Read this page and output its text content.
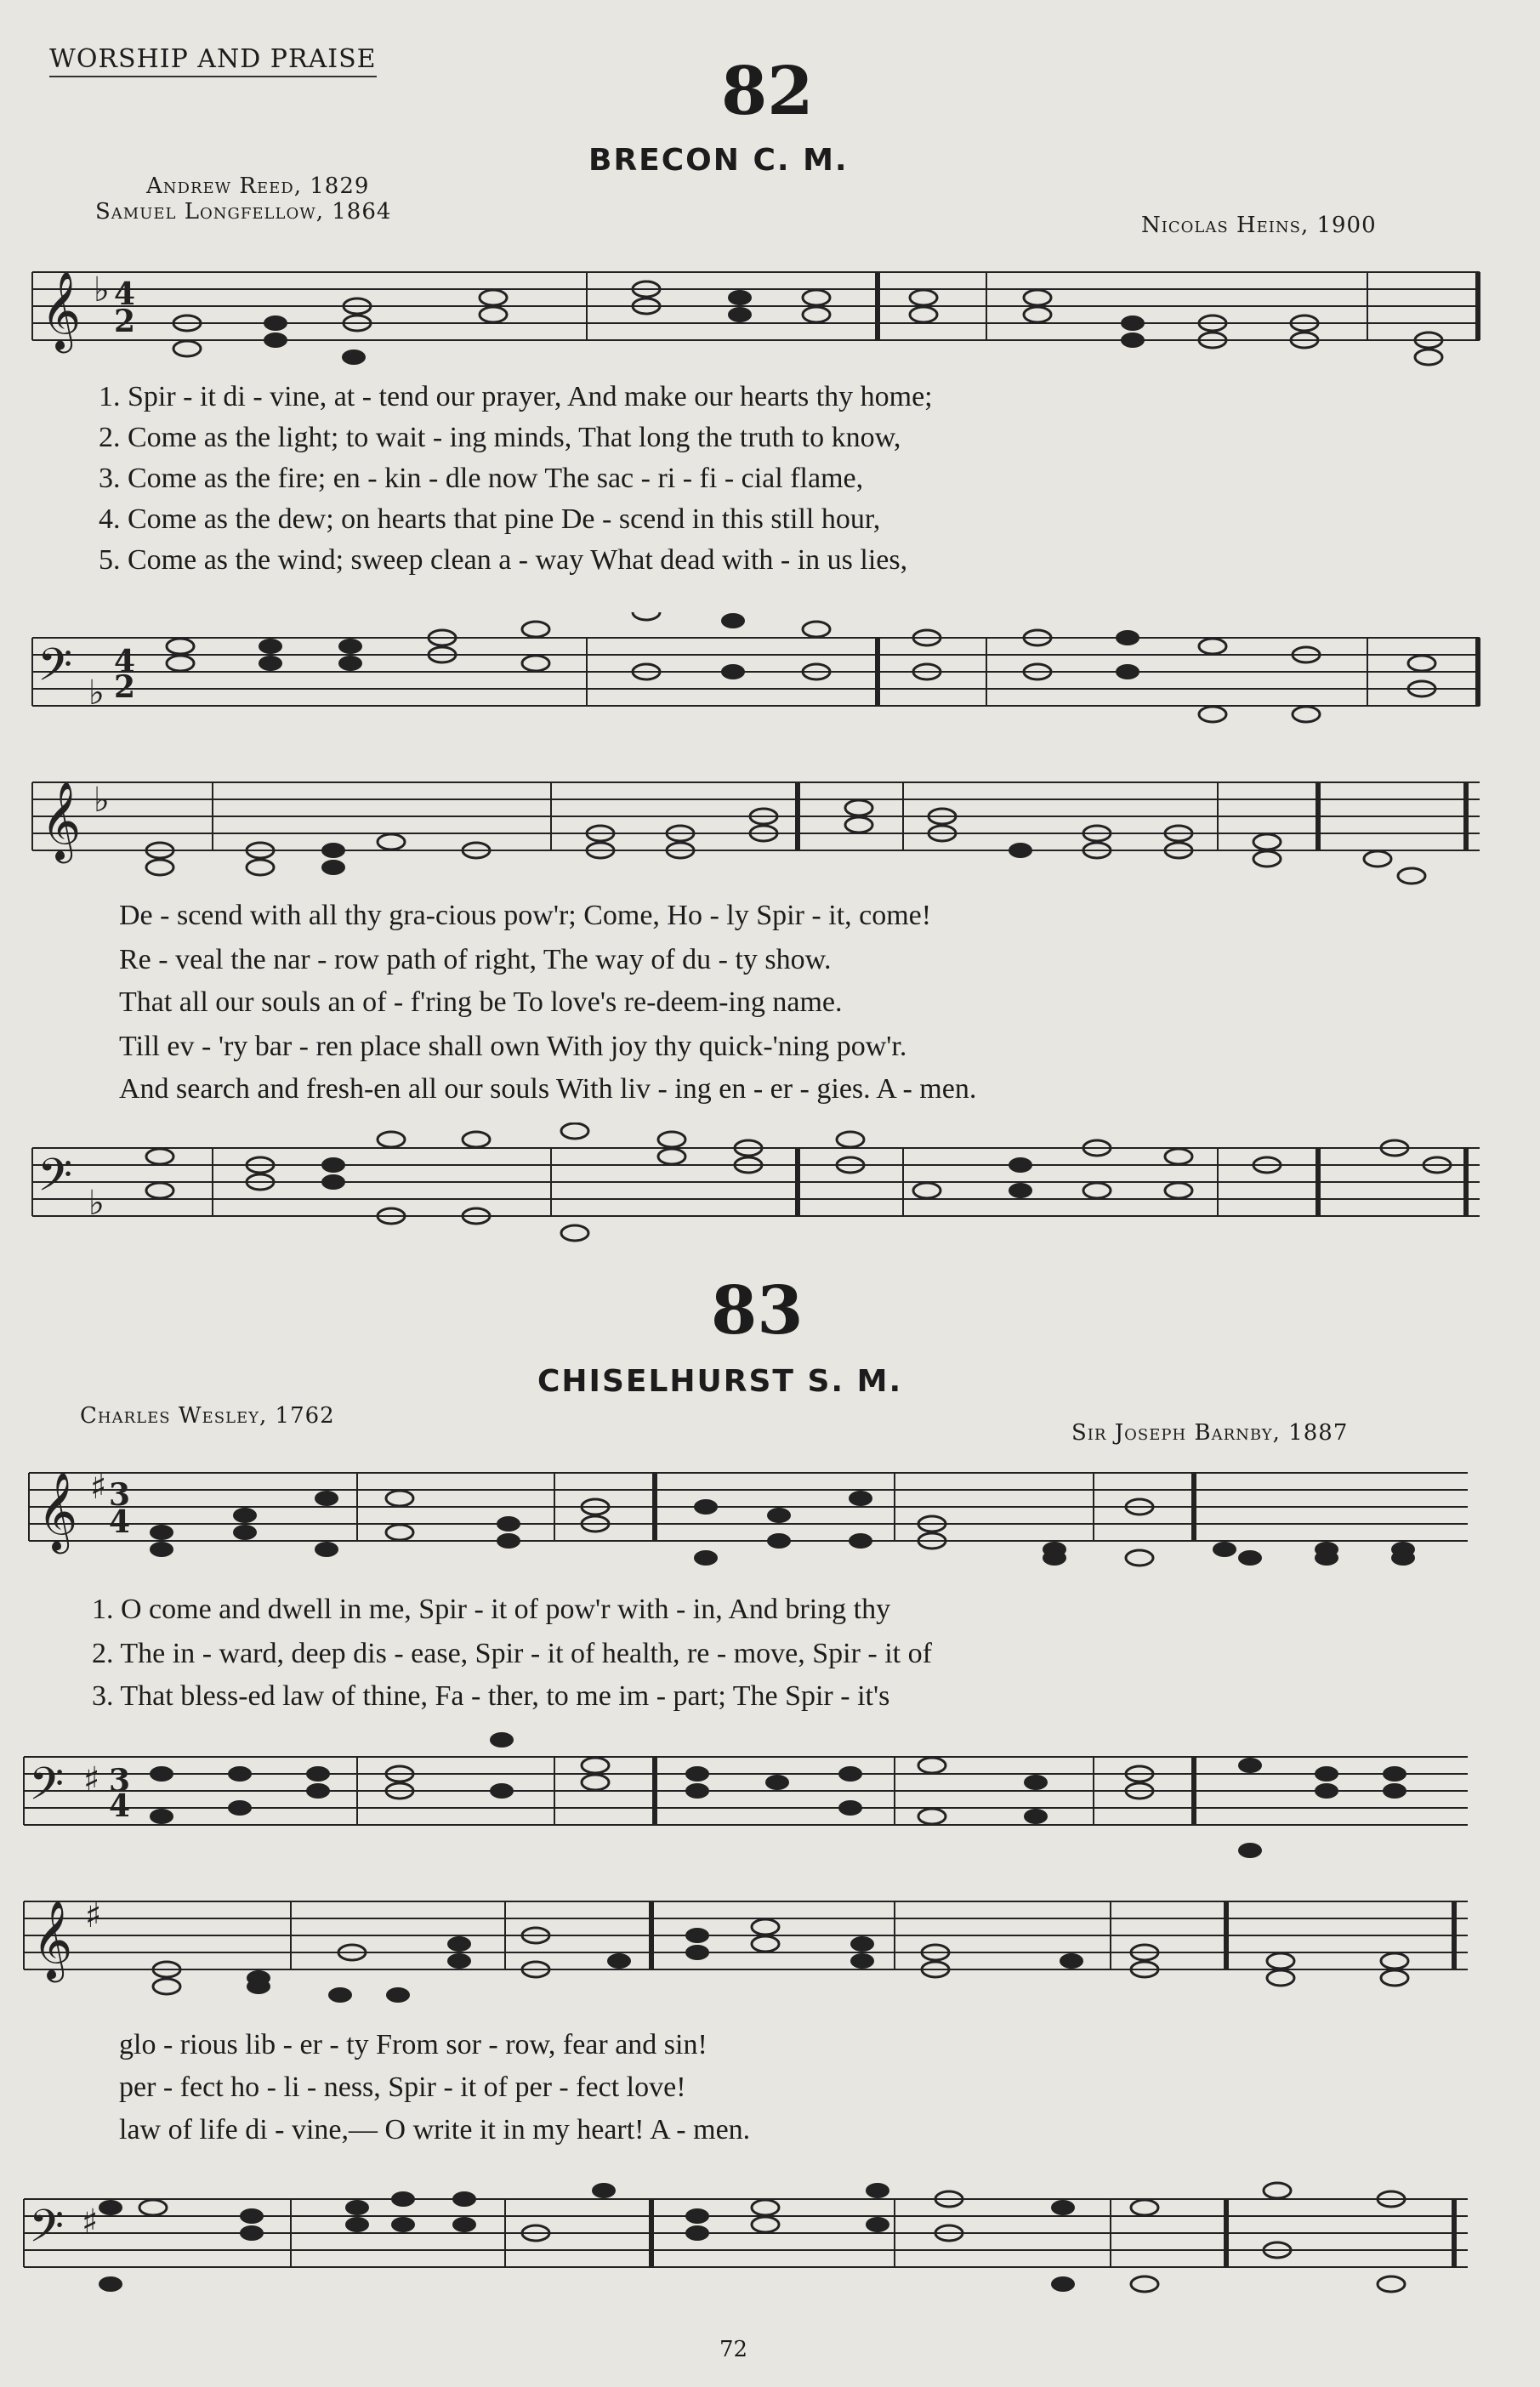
WORSHIP AND PRAISE	82
BRECON C. M.
Andrew Reed, 1829
Samuel Longfellow, 1864
Nicolas Heins, 1900
𝄞 ♭ 4
2
1. Spir - it di - vine, at - tend our prayer, And make our hearts thy home;
2. Come as the light; to wait - ing minds, That long the truth to know,
3. Come as the fire; en - kin - dle now The sac - ri - fi - cial flame,
4. Come as the dew; on hearts that pine De - scend in this still hour,
5. Come as the wind; sweep clean a - way What dead with - in us lies,
𝄢 ♭
4
2
𝄞 ♭
De - scend with all thy gra-cious pow'r; Come, Ho - ly Spir - it, come!
Re - veal the nar - row path of right, The way of du - ty show.
That all our souls an of - f'ring be To love's re-deem-ing name.
Till ev - 'ry bar - ren place shall own With joy thy quick-'ning pow'r.
And search and fresh-en all our souls With liv - ing en - er - gies. A - men.
𝄢 ♭
83
CHISELHURST S. M.
Charles Wesley, 1762
Sir Joseph Barnby, 1887
𝄞 ♯ 3
4
1. O come and dwell in me, Spir - it of pow'r with - in, And bring thy
2. The in - ward, deep dis - ease, Spir - it of health, re - move, Spir - it of
3. That bless-ed law of thine, Fa - ther, to me im - part; The Spir - it's
𝄢 ♯ 3
4
𝄞 ♯
glo - rious lib - er - ty From sor - row, fear and sin!
per - fect ho - li - ness, Spir - it of per - fect love!
law of life di - vine,— O write it in my heart! A - men.
𝄢 ♯
72
